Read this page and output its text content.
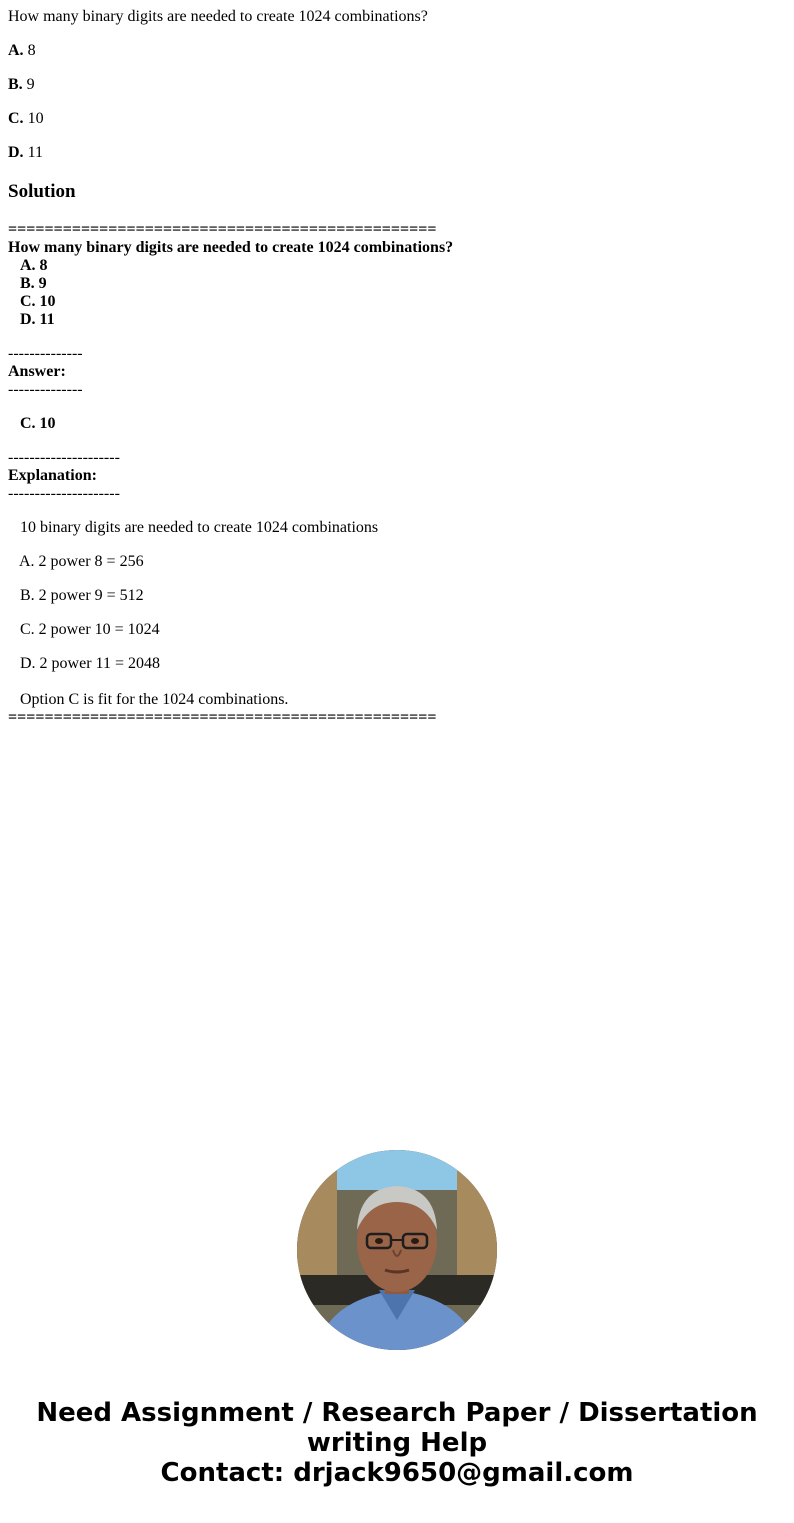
How many binary digits are needed to create 1024 combinations?
A. 8
B. 9
C. 10
D. 11
Solution
===============================================
How many binary digits are needed to create 1024 combinations?
A. 8
B. 9
C. 10
D. 11
--------------
Answer:
--------------
C. 10
---------------------
Explanation:
---------------------
10 binary digits are needed to create 1024 combinations
A. 2 power 8 = 256
B. 2 power 9 = 512
C. 2 power 10 = 1024
D. 2 power 11 = 2048
Option C is fit for the 1024 combinations.
===============================================
Need Assignment / Research Paper / Dissertation
writing Help
Contact: drjack9650@gmail.com
